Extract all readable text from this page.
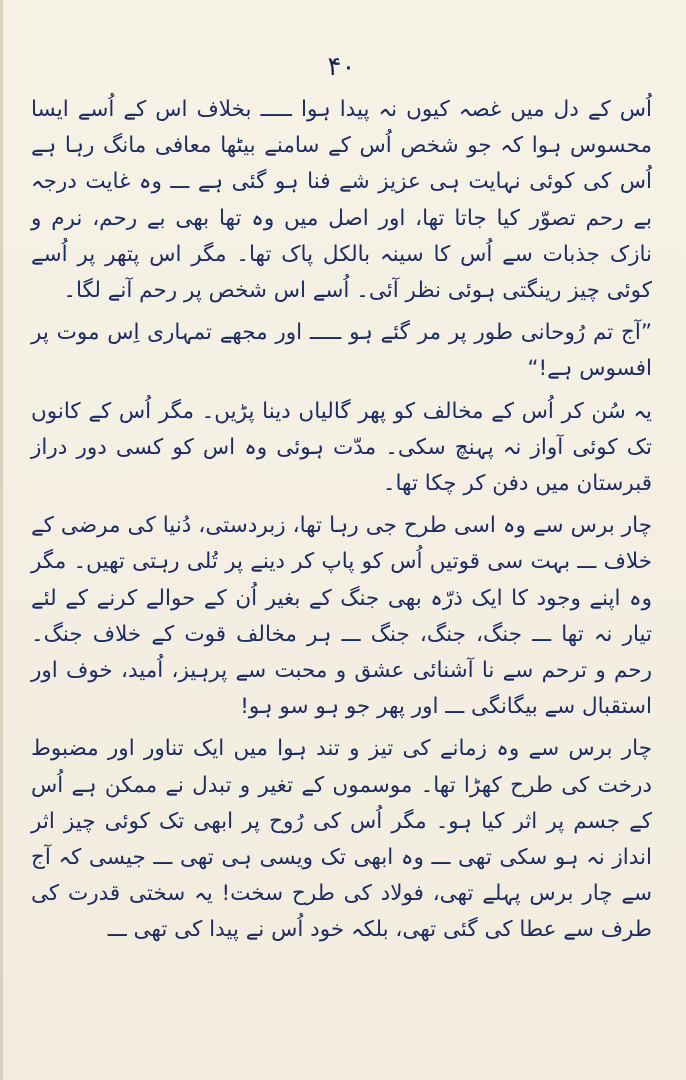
۴۰

اُس کے دل میں غصہ کیوں نہ پیدا ہوا ـــــ بخلاف اس کے اُسے ایسا محسوس ہوا کہ جو شخص اُس کے سامنے بیٹھا معافی مانگ رہا ہے اُس کی کوئی نہایت ہی عزیز شے فنا ہو گئی ہے ـــ وہ غایت درجہ بے رحم تصوّر کیا جاتا تھا، اور اصل میں وہ تھا بھی بے رحم، نرم و نازک جذبات سے اُس کا سینہ بالکل پاک تھا۔ مگر اس پتھر پر اُسے کوئی چیز رینگتی ہوئی نظر آئی۔ اُسے اس شخص پر رحم آنے لگا۔

”آج تم رُوحانی طور پر مر گئے ہو ـــــ اور مجھے تمہاری اِس موت پر افسوس ہے!“

یہ سُن کر اُس کے مخالف کو پھر گالیاں دینا پڑیں۔ مگر اُس کے کانوں تک کوئی آواز نہ پہنچ سکی۔ مدّت ہوئی وہ اس کو کسی دور دراز قبرستان میں دفن کر چکا تھا۔

چار برس سے وہ اسی طرح جی رہا تھا، زبردستی، دُنیا کی مرضی کے خلاف ـــ بہت سی قوتیں اُس کو پاپ کر دینے پر تُلی رہتی تھیں۔ مگر وہ اپنے وجود کا ایک ذرّہ بھی جنگ کے بغیر اُن کے حوالے کرنے کے لئے تیار نہ تھا ـــ جنگ، جنگ، جنگ ـــ ہر مخالف قوت کے خلاف جنگ۔ رحم و ترحم سے نا آشنائی عشق و محبت سے پرہیز، اُمید، خوف اور استقبال سے بیگانگی ـــ اور پھر جو ہو سو ہو!

چار برس سے وہ زمانے کی تیز و تند ہوا میں ایک تناور اور مضبوط درخت کی طرح کھڑا تھا۔ موسموں کے تغیر و تبدل نے ممکن ہے اُس کے جسم پر اثر کیا ہو۔ مگر اُس کی رُوح پر ابھی تک کوئی چیز اثر انداز نہ ہو سکی تھی ـــ وہ ابھی تک ویسی ہی تھی ـــ جیسی کہ آج سے چار برس پہلے تھی، فولاد کی طرح سخت! یہ سختی قدرت کی طرف سے عطا کی گئی تھی، بلکہ خود اُس نے پیدا کی تھی ـــ
